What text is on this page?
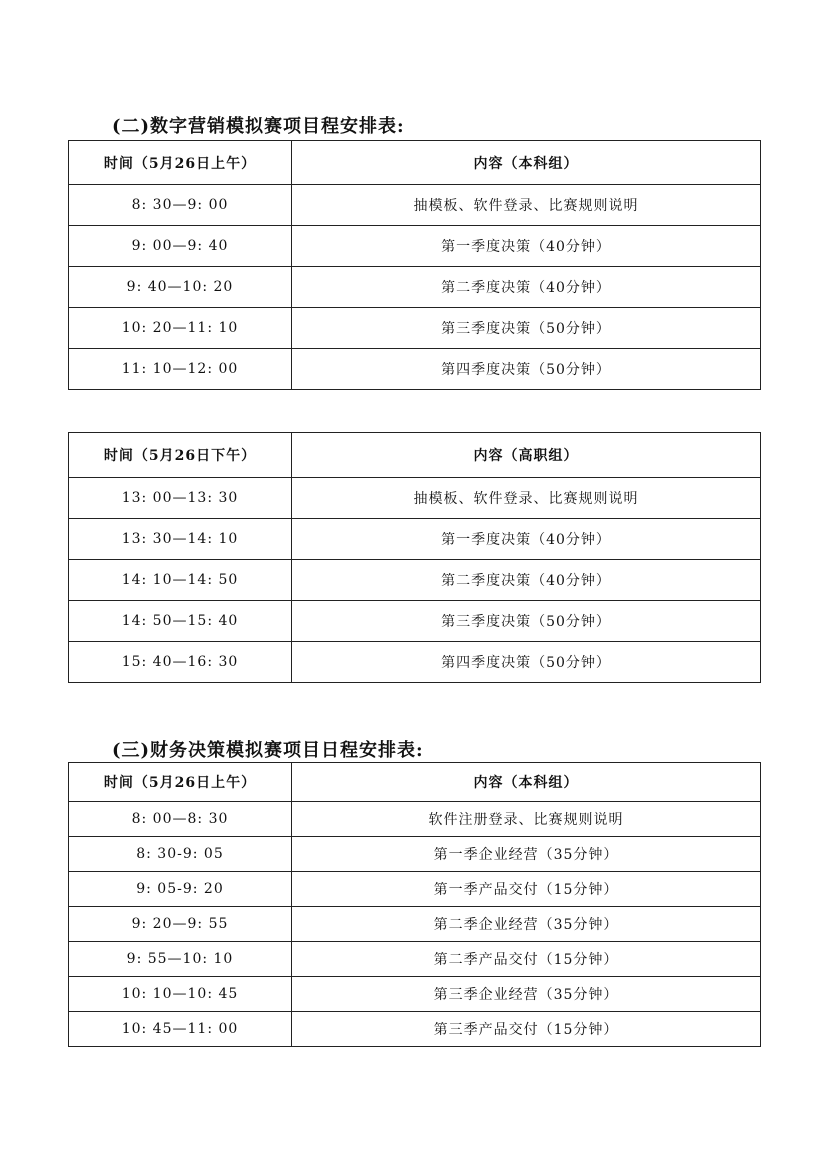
(二)数字营销模拟赛项目程安排表:
时间（5月26日上午）	内容（本科组）
8: 30—9: 00	抽模板、软件登录、比赛规则说明
9: 00—9: 40	第一季度决策（40分钟）
9: 40—10: 20	第二季度决策（40分钟）
10: 20—11: 10	第三季度决策（50分钟）
11: 10—12: 00	第四季度决策（50分钟）
时间（5月26日下午）	内容（高职组）
13: 00—13: 30	抽模板、软件登录、比赛规则说明
13: 30—14: 10	第一季度决策（40分钟）
14: 10—14: 50	第二季度决策（40分钟）
14: 50—15: 40	第三季度决策（50分钟）
15: 40—16: 30	第四季度决策（50分钟）
(三)财务决策模拟赛项目日程安排表:
时间（5月26日上午）	内容（本科组）
8: 00—8: 30	软件注册登录、比赛规则说明
8: 30-9: 05	第一季企业经营（35分钟）
9: 05-9: 20	第一季产品交付（15分钟）
9: 20—9: 55	第二季企业经营（35分钟）
9: 55—10: 10	第二季产品交付（15分钟）
10: 10—10: 45	第三季企业经营（35分钟）
10: 45—11: 00	第三季产品交付（15分钟）
